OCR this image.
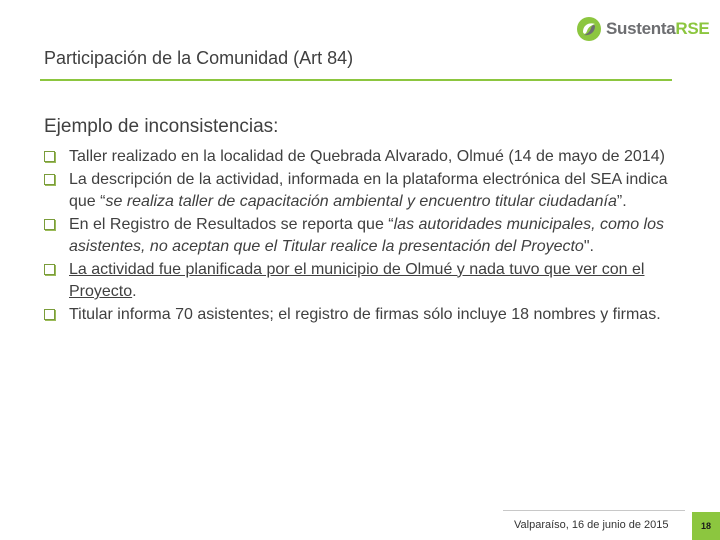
Participación de la Comunidad (Art 84)
SustentaRSE
Ejemplo de inconsistencias:
Taller realizado en la localidad de Quebrada Alvarado, Olmué (14 de mayo de 2014)
La descripción de la actividad, informada en la plataforma electrónica del SEA indica que “se realiza taller de capacitación ambiental y encuentro titular ciudadanía”.
En el Registro de Resultados se reporta que “las autoridades municipales, como los asistentes, no aceptan que el Titular realice la presentación del Proyecto".
La actividad fue planificada por el municipio de Olmué y nada tuvo que ver con el Proyecto.
Titular informa 70 asistentes; el registro de firmas sólo incluye 18 nombres y firmas.
Valparaíso, 16 de junio de 2015	18
